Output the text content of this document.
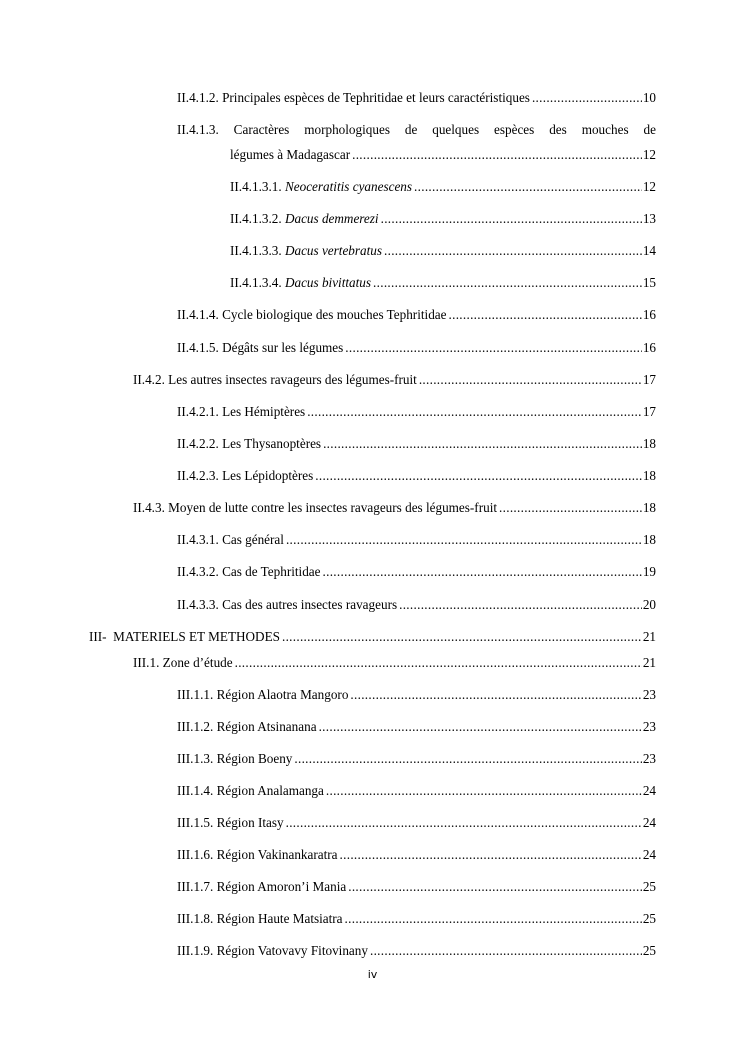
II.4.1.2. Principales espèces de Tephritidae et leurs caractéristiques .....	10
II.4.1.3. Caractères morphologiques de quelques espèces des mouches de
légumes à Madagascar .....	12
II.4.1.3.1. Neoceratitis cyanescens .....	12
II.4.1.3.2. Dacus demmerezi .....	13
II.4.1.3.3. Dacus vertebratus .....	14
II.4.1.3.4. Dacus bivittatus .....	15
II.4.1.4. Cycle biologique des mouches Tephritidae .....	16
II.4.1.5. Dégâts sur les légumes .....	16
II.4.2. Les autres insectes ravageurs des légumes-fruit .....	17
II.4.2.1. Les Hémiptères .....	17
II.4.2.2. Les Thysanoptères .....	18
II.4.2.3. Les Lépidoptères .....	18
II.4.3. Moyen de lutte contre les insectes ravageurs des légumes-fruit .....	18
II.4.3.1. Cas général .....	18
II.4.3.2. Cas de Tephritidae .....	19
II.4.3.3. Cas des autres insectes ravageurs .....	20
III- MATERIELS ET METHODES .....	21
III.1. Zone d’étude .....	21
III.1.1. Région Alaotra Mangoro .....	23
III.1.2. Région Atsinanana .....	23
III.1.3. Région Boeny .....	23
III.1.4. Région Analamanga .....	24
III.1.5. Région Itasy .....	24
III.1.6. Région Vakinankaratra .....	24
III.1.7. Région Amoron’i Mania .....	25
III.1.8. Région Haute Matsiatra .....	25
III.1.9. Région Vatovavy Fitovinany .....	25
iv
